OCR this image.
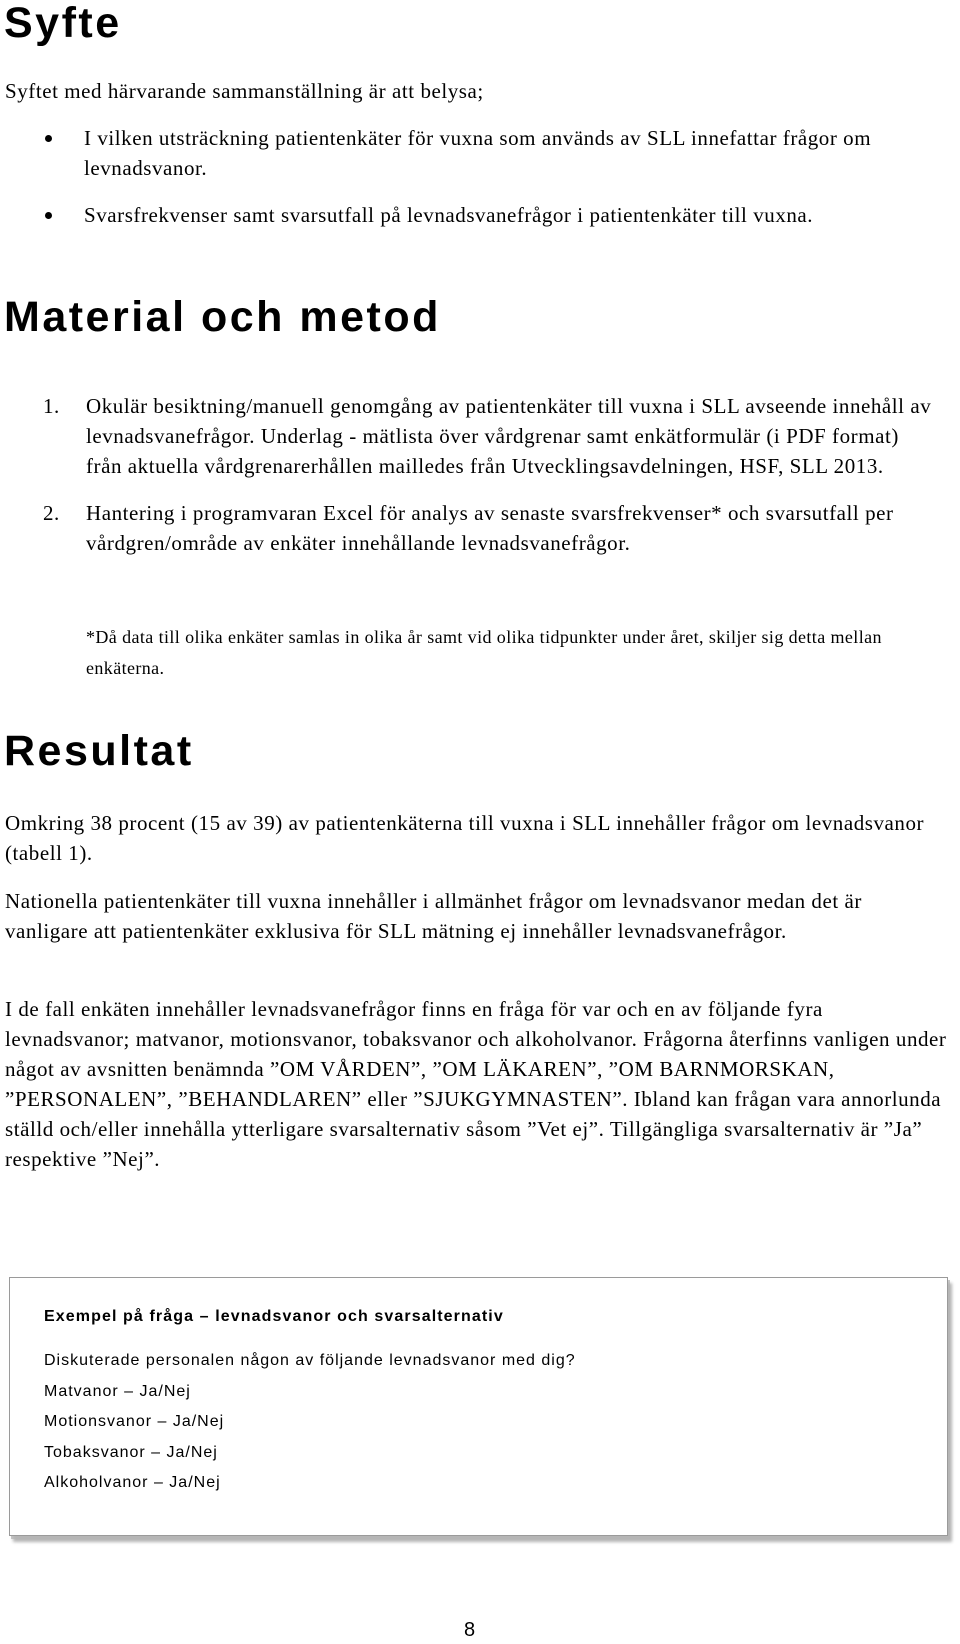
Syfte

Syftet med härvarande sammanställning är att belysa;

I vilken utsträckning patientenkäter för vuxna som används av SLL innefattar frågor om levnadsvanor.
Svarsfrekvenser samt svarsutfall på levnadsvanefrågor i patientenkäter till vuxna.
Material och metod
1. Okulär besiktning/manuell genomgång av patientenkäter till vuxna i SLL avseende innehåll av levnadsvanefrågor. Underlag - mätlista över vårdgrenar samt enkätformulär (i PDF format) från aktuella vårdgrenarerhållen mailledes från Utvecklingsavdelningen, HSF, SLL 2013.
2. Hantering i programvaran Excel för analys av senaste svarsfrekvenser* och svarsutfall per vårdgren/område av enkäter innehållande levnadsvanefrågor.

*Då data till olika enkäter samlas in olika år samt vid olika tidpunkter under året, skiljer sig detta mellan enkäterna.

Resultat

Omkring 38 procent (15 av 39) av patientenkäterna till vuxna i SLL innehåller frågor om levnadsvanor (tabell 1).

Nationella patientenkäter till vuxna innehåller i allmänhet frågor om levnadsvanor medan det är vanligare att patientenkäter exklusiva för SLL mätning ej innehåller levnadsvanefrågor.

I de fall enkäten innehåller levnadsvanefrågor finns en fråga för var och en av följande fyra levnadsvanor; matvanor, motionsvanor, tobaksvanor och alkoholvanor. Frågorna återfinns vanligen under något av avsnitten benämnda ”OM VÅRDEN”, ”OM LÄKAREN”, ”OM BARNMORSKAN, ”PERSONALEN”, ”BEHANDLAREN” eller ”SJUKGYMNASTEN”. Ibland kan frågan vara annorlunda ställd och/eller innehålla ytterligare svarsalternativ såsom ”Vet ej”. Tillgängliga svarsalternativ är ”Ja” respektive ”Nej”.

Exempel på fråga – levnadsvanor och svarsalternativ

Diskuterade personalen någon av följande levnadsvanor med dig?

Matvanor – Ja/Nej

Motionsvanor – Ja/Nej

Tobaksvanor – Ja/Nej

Alkoholvanor – Ja/Nej

8
